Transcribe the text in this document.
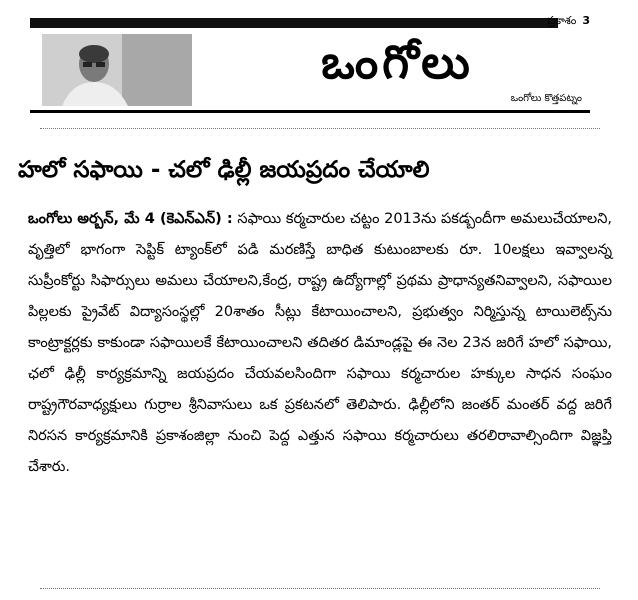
ప్రకాశం 3
ఒంగోలు
ఒంగోలు కొత్తపట్నం
హలో సఫాయి - చలో ఢిల్లీ జయప్రదం చేయాలి
ఒంగోలు అర్బన్, మే 4 (కెఎన్ఎన్) : సఫాయి కర్మచారుల చట్టం 2013ను పకడ్బందీగా అమలుచేయాలని, వృత్తిలో భాగంగా సెప్టిక్ ట్యాంక్‌లో పడి మరణిస్తే బాధిత కుటుంబాలకు రూ. 10లక్షలు ఇవ్వాలన్న సుప్రీంకోర్టు సిఫార్సులు అమలు చేయాలని,కేంద్ర, రాష్ట్ర ఉద్యోగాల్లో ప్రథమ ప్రాధాన్యతనివ్వాలని, సఫాయిల పిల్లలకు ప్రైవేట్ విద్యాసంస్థల్లో 20శాతం సీట్లు కేటాయించాలని, ప్రభుత్వం నిర్మిస్తున్న టాయిలెట్స్‌ను కాంట్రాక్టర్లకు కాకుండా సఫాయిలకే కేటాయించాలని తదితర డిమాండ్లపై ఈ నెల 23న జరిగే హలో సఫాయి, ఛలో ఢిల్లీ కార్యక్రమాన్ని జయప్రదం చేయవలసిందిగా సఫాయి కర్మచారుల హక్కుల సాధన సంఘం రాష్ట్రగౌరవాధ్యక్షులు గుర్రాల శ్రీనివాసులు ఒక ప్రకటనలో తెలిపారు. ఢిల్లీలోని జంతర్ మంతర్ వద్ద జరిగే నిరసన కార్యక్రమానికి ప్రకాశంజిల్లా నుంచి పెద్ద ఎత్తున సఫాయి కర్మచారులు తరలిరావాల్సిందిగా విజ్ఞప్తి చేశారు.
